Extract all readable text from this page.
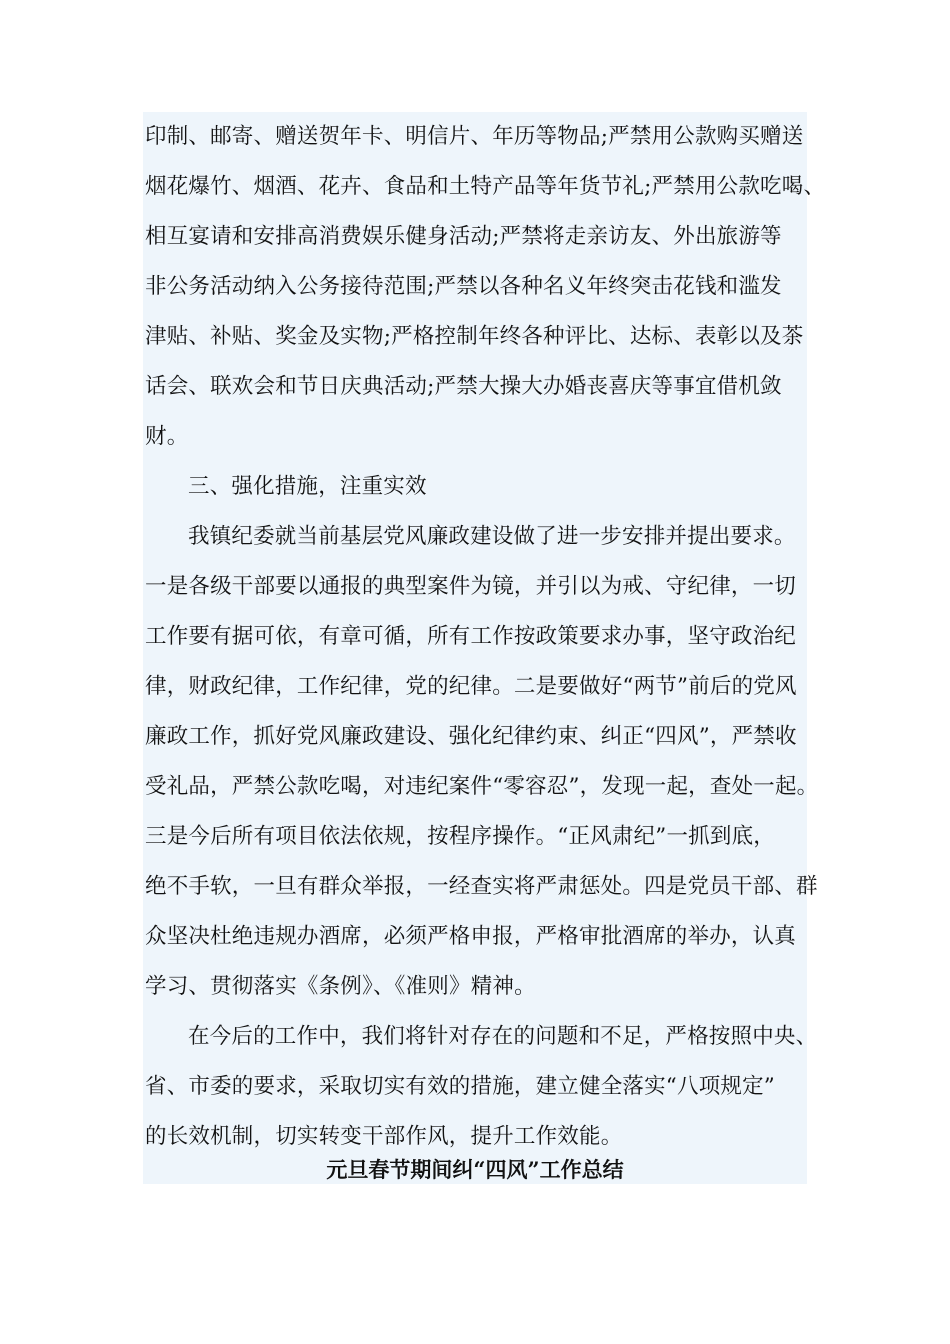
印制、邮寄、赠送贺年卡、明信片、年历等物品;严禁用公款购买赠送
烟花爆竹、烟酒、花卉、食品和土特产品等年货节礼;严禁用公款吃喝、
相互宴请和安排高消费娱乐健身活动;严禁将走亲访友、外出旅游等
非公务活动纳入公务接待范围;严禁以各种名义年终突击花钱和滥发
津贴、补贴、奖金及实物;严格控制年终各种评比、达标、表彰以及茶
话会、联欢会和节日庆典活动;严禁大操大办婚丧喜庆等事宜借机敛
财。
三、强化措施，注重实效
我镇纪委就当前基层党风廉政建设做了进一步安排并提出要求。
一是各级干部要以通报的典型案件为镜，并引以为戒、守纪律，一切
工作要有据可依，有章可循，所有工作按政策要求办事，坚守政治纪
律，财政纪律，工作纪律，党的纪律。二是要做好“两节”前后的党风
廉政工作，抓好党风廉政建设、强化纪律约束、纠正“四风”，严禁收
受礼品，严禁公款吃喝，对违纪案件“零容忍”，发现一起，查处一起。
三是今后所有项目依法依规，按程序操作。“正风肃纪”一抓到底，
绝不手软，一旦有群众举报，一经查实将严肃惩处。四是党员干部、群
众坚决杜绝违规办酒席，必须严格申报，严格审批酒席的举办，认真
学习、贯彻落实《条例》、《准则》精神。
在今后的工作中，我们将针对存在的问题和不足，严格按照中央、
省、市委的要求，采取切实有效的措施，建立健全落实“八项规定”
的长效机制，切实转变干部作风，提升工作效能。
元旦春节期间纠“四风”工作总结
